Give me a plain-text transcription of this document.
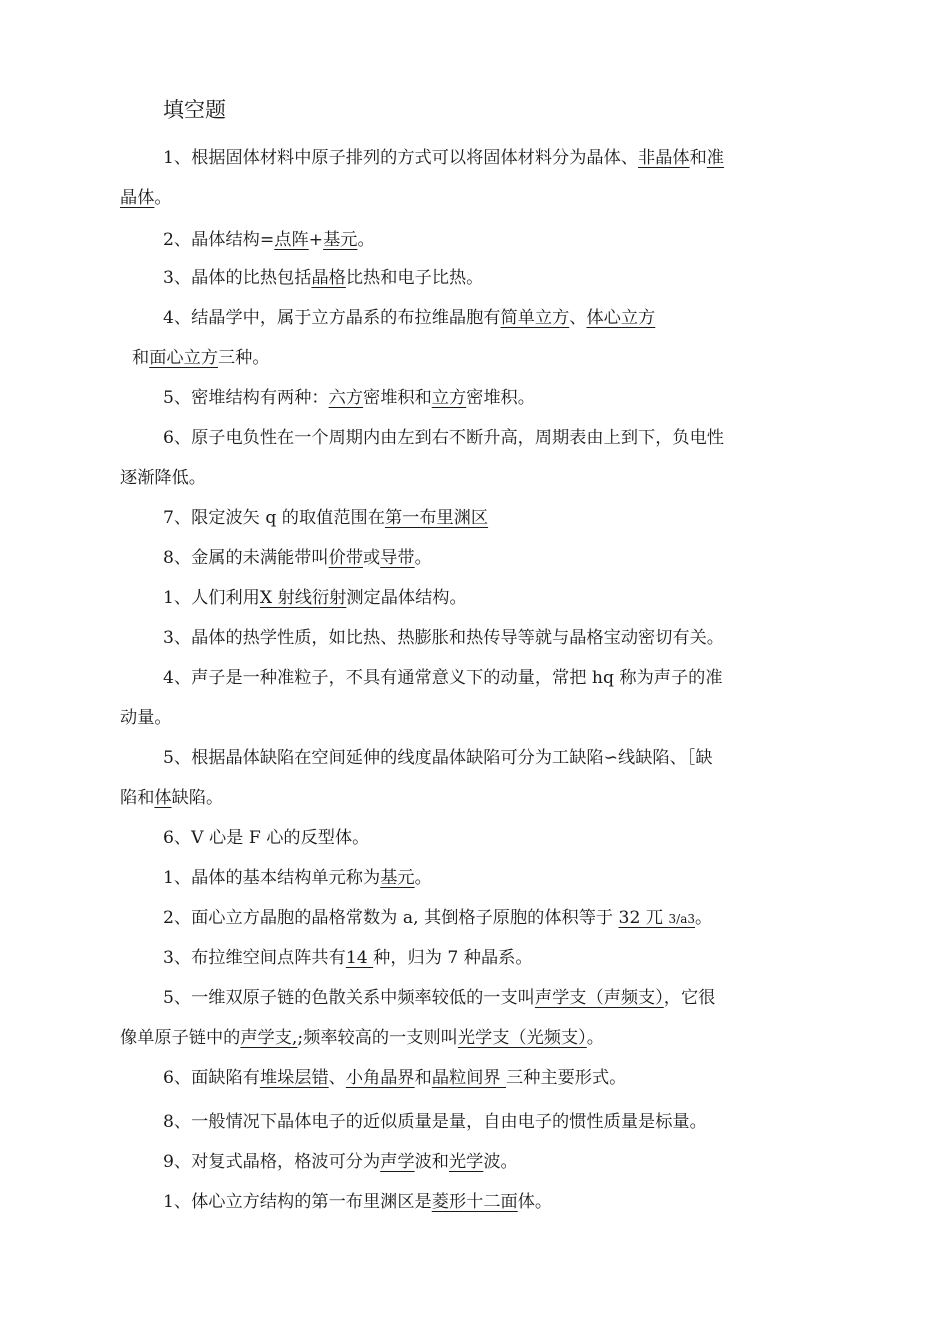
填空题
1、根据固体材料中原子排列的方式可以将固体材料分为晶体、非晶体和准
晶体。
2、晶体结构=点阵+基元。
3、晶体的比热包括晶格比热和电子比热。
4、结晶学中，属于立方晶系的布拉维晶胞有简单立方、体心立方
和面心立方三种。
5、密堆结构有两种：六方密堆积和立方密堆积。
6、原子电负性在一个周期内由左到右不断升高，周期表由上到下，负电性
逐渐降低。
7、限定波矢 q 的取值范围在第一布里渊区
8、金属的未满能带叫价带或导带。
1、人们利用X 射线衍射测定晶体结构。
3、晶体的热学性质，如比热、热膨胀和热传导等就与晶格宝动密切有关。
4、声子是一种准粒子，不具有通常意义下的动量，常把 hq 称为声子的准
动量。
5、根据晶体缺陷在空间延伸的线度晶体缺陷可分为工缺陷∽线缺陷、［缺
陷和体缺陷。
6、V 心是 F 心的反型体。
1、晶体的基本结构单元称为基元。
2、面心立方晶胞的晶格常数为 a, 其倒格子原胞的体积等于 32 兀 3/a3。
3、布拉维空间点阵共有14 种，归为 7 种晶系。
5、一维双原子链的色散关系中频率较低的一支叫声学支（声频支），它很
像单原子链中的声学支,;频率较高的一支则叫光学支（光频支）。
6、面缺陷有堆垛层错、小角晶界和晶粒间界 三种主要形式。
8、一般情况下晶体电子的近似质量是量，自由电子的惯性质量是标量。
9、对复式晶格，格波可分为声学波和光学波。
1、体心立方结构的第一布里渊区是菱形十二面体。
